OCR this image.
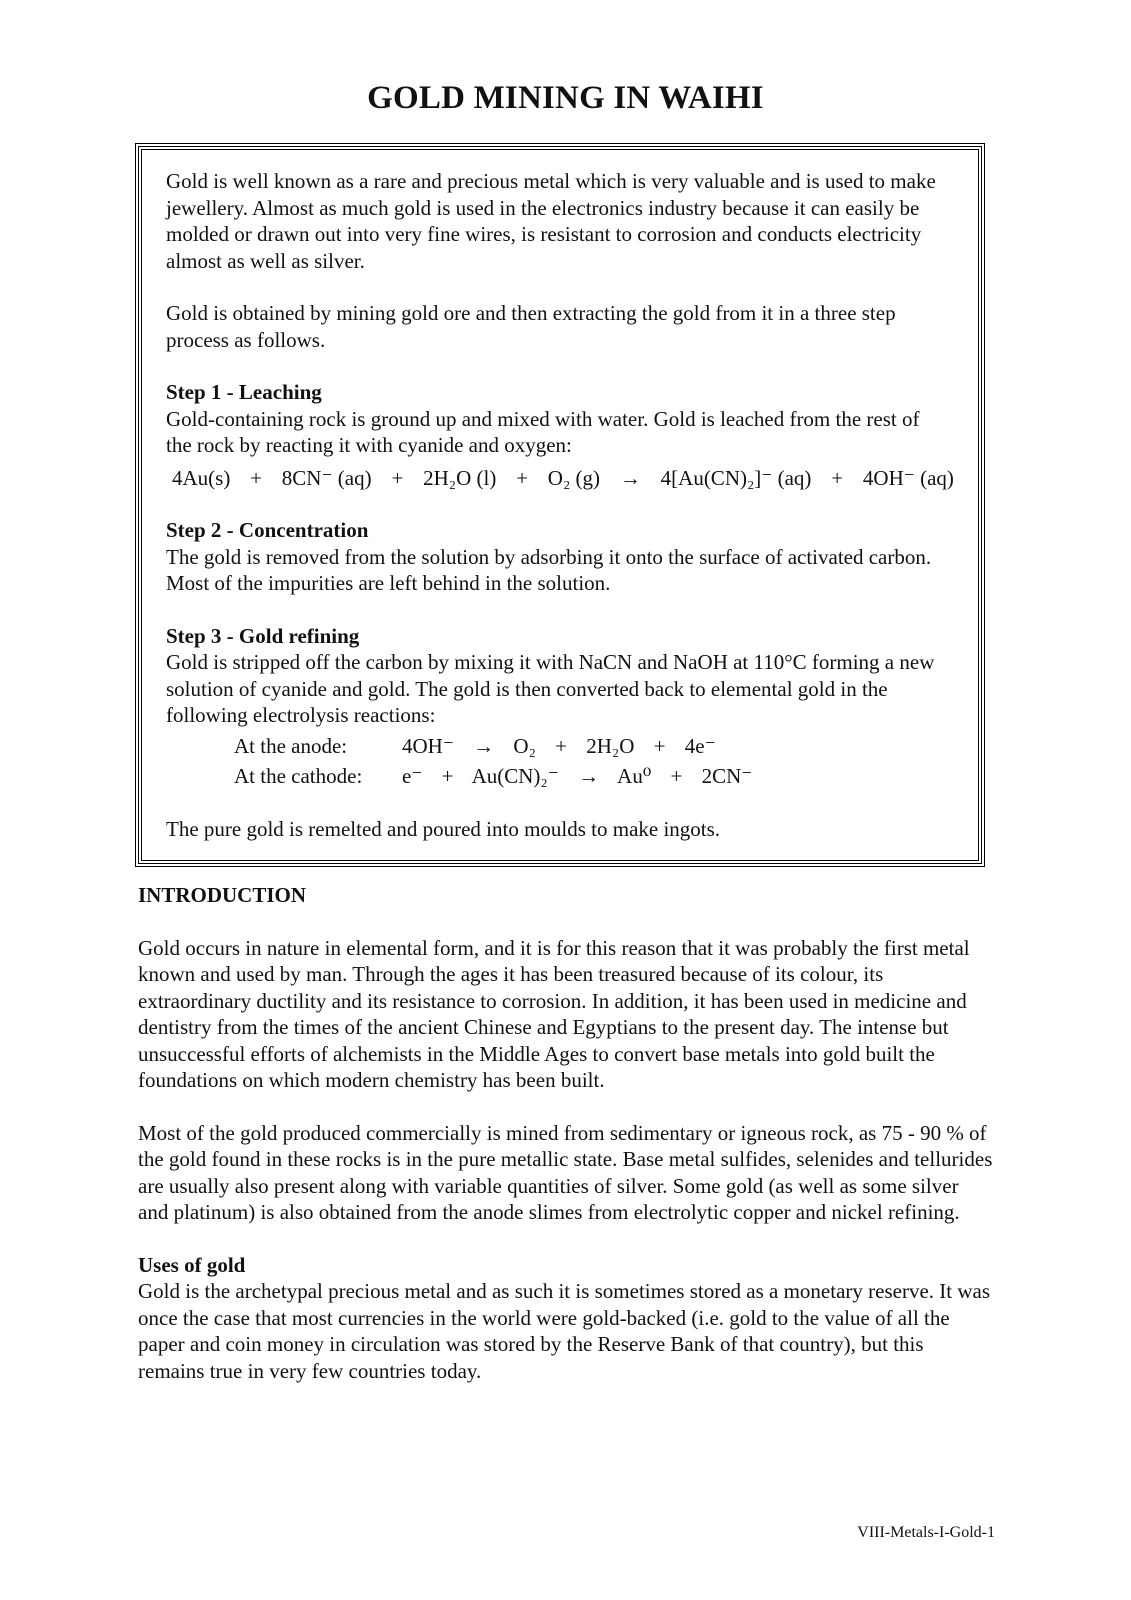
GOLD MINING IN WAIHI

Gold is well known as a rare and precious metal which is very valuable and is used to make jewellery. Almost as much gold is used in the electronics industry because it can easily be molded or drawn out into very fine wires, is resistant to corrosion and conducts electricity almost as well as silver.

Gold is obtained by mining gold ore and then extracting the gold from it in a three step process as follows.

Step 1 - Leaching

Gold-containing rock is ground up and mixed with water. Gold is leached from the rest of the rock by reacting it with cyanide and oxygen:

4Au(s) + 8CN⁻ (aq) + 2H₂O (l) + O₂ (g) → 4[Au(CN)₂]⁻ (aq) + 4OH⁻ (aq)

Step 2 - Concentration

The gold is removed from the solution by adsorbing it onto the surface of activated carbon. Most of the impurities are left behind in the solution.

Step 3 - Gold refining

Gold is stripped off the carbon by mixing it with NaCN and NaOH at 110°C forming a new solution of cyanide and gold. The gold is then converted back to elemental gold in the following electrolysis reactions:

At the anode:	4OH⁻ → O₂ + 2H₂O + 4e⁻
At the cathode:	e⁻ + Au(CN)₂⁻ → Au⁰ + 2CN⁻

The pure gold is remelted and poured into moulds to make ingots.

INTRODUCTION

Gold occurs in nature in elemental form, and it is for this reason that it was probably the first metal known and used by man. Through the ages it has been treasured because of its colour, its extraordinary ductility and its resistance to corrosion. In addition, it has been used in medicine and dentistry from the times of the ancient Chinese and Egyptians to the present day. The intense but unsuccessful efforts of alchemists in the Middle Ages to convert base metals into gold built the foundations on which modern chemistry has been built.

Most of the gold produced commercially is mined from sedimentary or igneous rock, as 75 - 90 % of the gold found in these rocks is in the pure metallic state. Base metal sulfides, selenides and tellurides are usually also present along with variable quantities of silver. Some gold (as well as some silver and platinum) is also obtained from the anode slimes from electrolytic copper and nickel refining.

Uses of gold

Gold is the archetypal precious metal and as such it is sometimes stored as a monetary reserve. It was once the case that most currencies in the world were gold-backed (i.e. gold to the value of all the paper and coin money in circulation was stored by the Reserve Bank of that country), but this remains true in very few countries today.

VIII-Metals-I-Gold-1
